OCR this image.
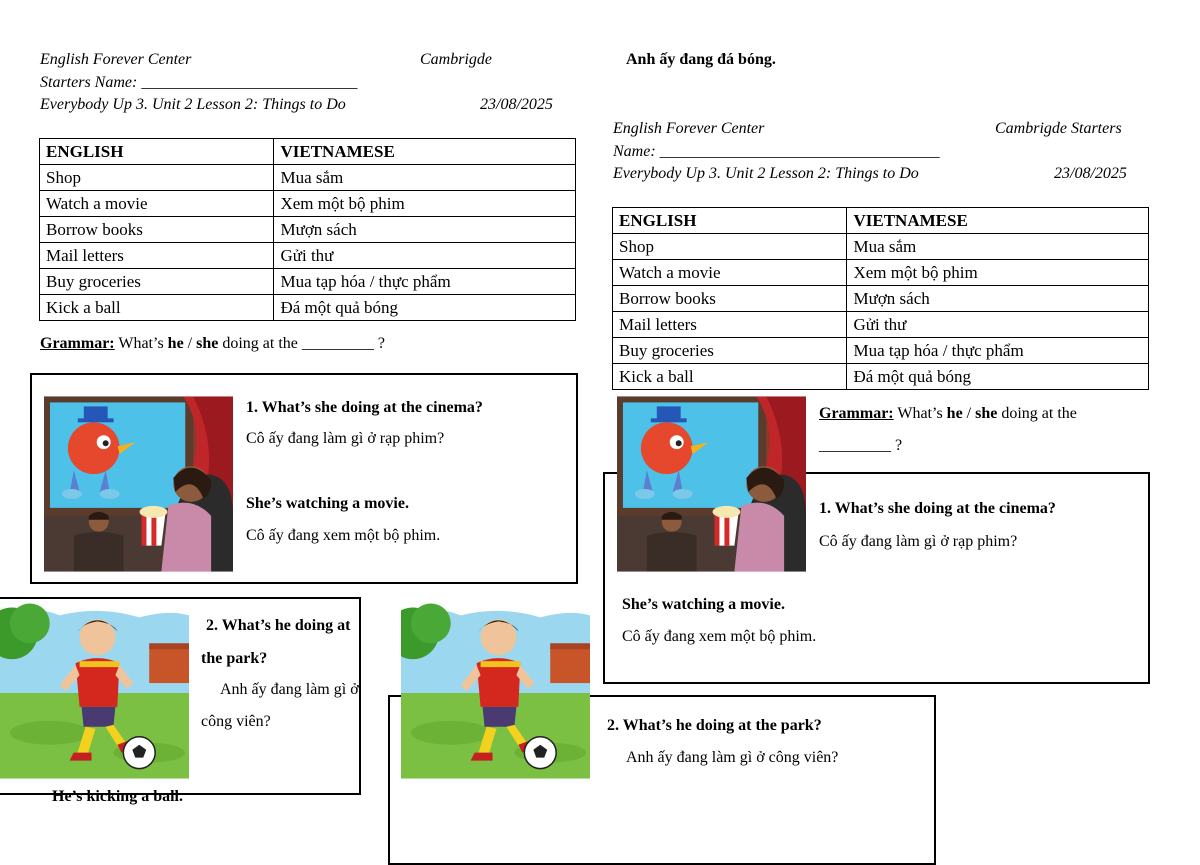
Anh ấy đang đá bóng.
English Forever Center	Cambrigde
Starters Name: ___________________________
Everybody Up 3. Unit 2 Lesson 2: Things to Do	23/08/2025
ENGLISH	VIETNAMESE
Shop	Mua sắm
Watch a movie	Xem một bộ phim
Borrow books	Mượn sách
Mail letters	Gửi thư
Buy groceries	Mua tạp hóa / thực phẩm
Kick a ball	Đá một quả bóng
Grammar: What’s he / she doing at the _________ ?
1. What’s she doing at the cinema?
Cô ấy đang làm gì ở rạp phim?
She’s watching a movie.
Cô ấy đang xem một bộ phim.
2. What’s he doing at
the park?
Anh ấy đang làm gì ở
công viên?
He’s kicking a ball.
English Forever Center	Cambrigde Starters
Name: ___________________________________
Everybody Up 3. Unit 2 Lesson 2: Things to Do	23/08/2025
ENGLISH	VIETNAMESE
Shop	Mua sắm
Watch a movie	Xem một bộ phim
Borrow books	Mượn sách
Mail letters	Gửi thư
Buy groceries	Mua tạp hóa / thực phẩm
Kick a ball	Đá một quả bóng
Grammar: What’s he / she doing at the
_________ ?
1. What’s she doing at the cinema?
Cô ấy đang làm gì ở rạp phim?
She’s watching a movie.
Cô ấy đang xem một bộ phim.
2. What’s he doing at the park?
Anh ấy đang làm gì ở công viên?
